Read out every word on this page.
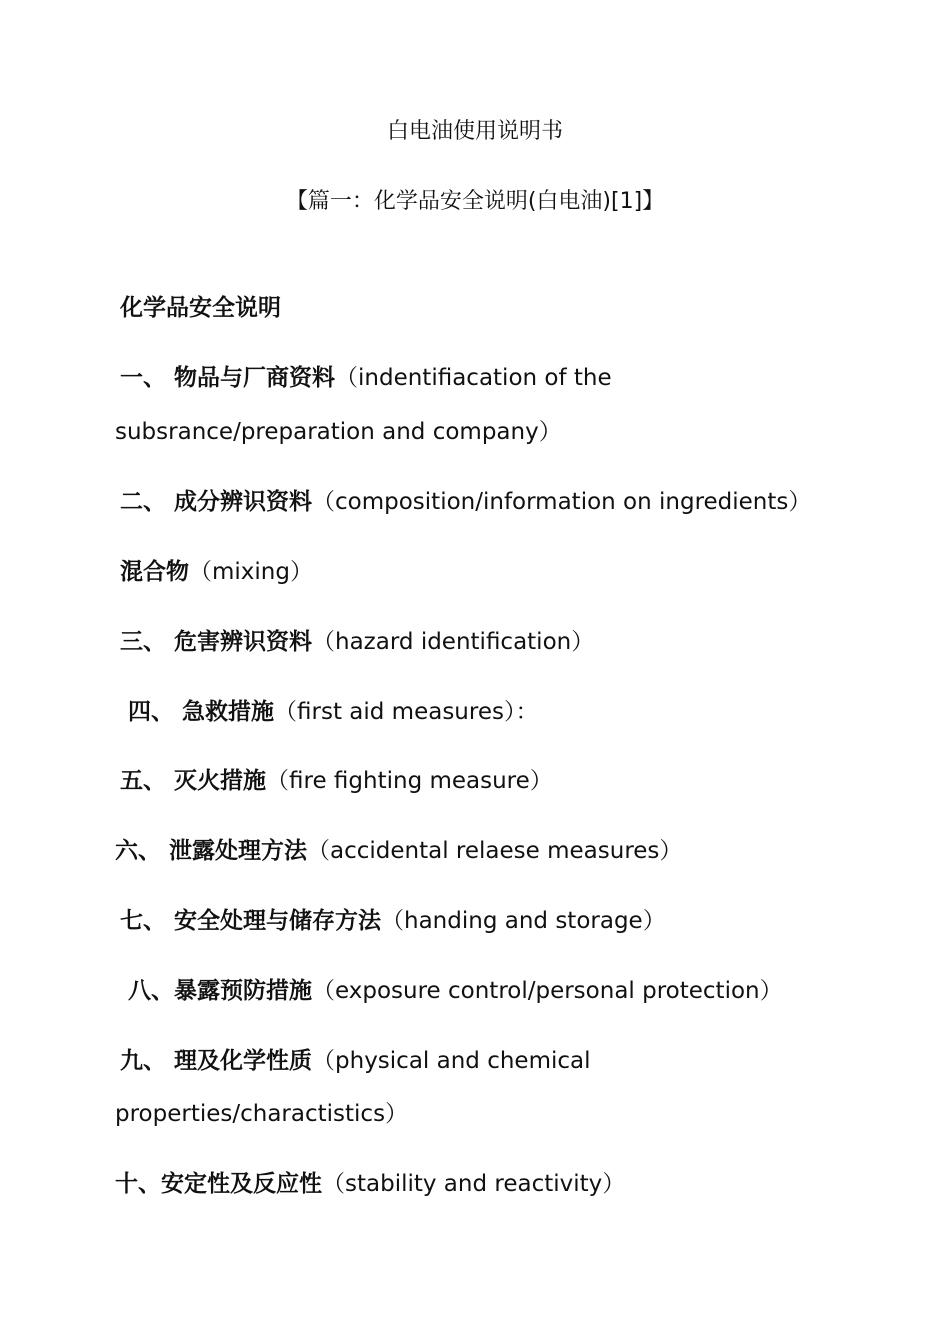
白电油使用说明书
【篇一：化学品安全说明(白电油)[1]】
化学品安全说明
一、 物品与厂商资料（indentifiacation of the
subsrance/preparation and company）
二、 成分辨识资料（composition/information on ingredients）
混合物（mixing）
三、 危害辨识资料（hazard identification）
四、 急救措施（first aid measures）：
五、 灭火措施（fire fighting measure）
六、 泄露处理方法（accidental relaese measures）
七、 安全处理与储存方法（handing and storage）
八、暴露预防措施（exposure control/personal protection）
九、 理及化学性质（physical and chemical
properties/charactistics）
十、安定性及反应性（stability and reactivity）
